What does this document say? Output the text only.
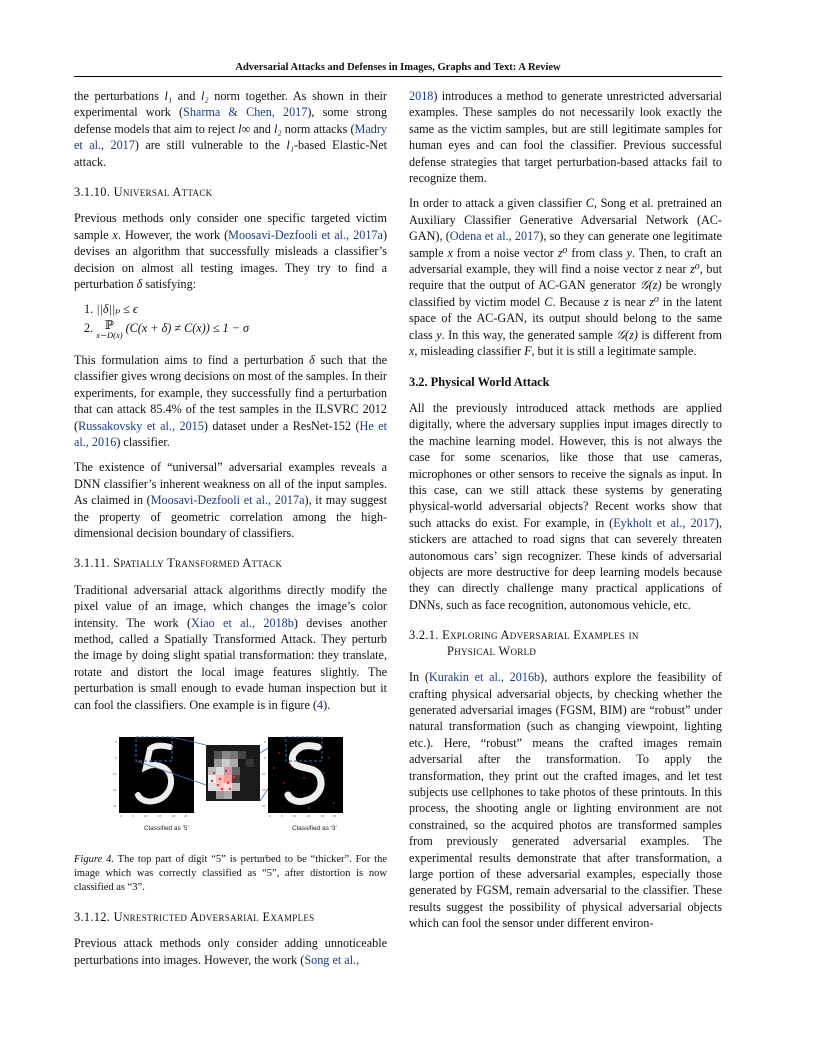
Adversarial Attacks and Defenses in Images, Graphs and Text: A Review

the perturbations l₁ and l₂ norm together. As shown in their experimental work (Sharma & Chen, 2017), some strong defense models that aim to reject l∞ and l₂ norm attacks (Madry et al., 2017) are still vulnerable to the l₁-based Elastic-Net attack.

3.1.10. Universal Attack

Previous methods only consider one specific targeted victim sample x. However, the work (Moosavi-Dezfooli et al., 2017a) devises an algorithm that successfully misleads a classifier’s decision on almost all testing images. They try to find a perturbation δ satisfying:

1. ||δ||ₚ ≤ ϵ
2. ℙ
x∼D(x) (C(x + δ) ≠ C(x)) ≤ 1 − σ

This formulation aims to find a perturbation δ such that the classifier gives wrong decisions on most of the samples. In their experiments, for example, they successfully find a perturbation that can attack 85.4% of the test samples in the ILSVRC 2012 (Russakovsky et al., 2015) dataset under a ResNet-152 (He et al., 2016) classifier.

The existence of “universal” adversarial examples reveals a DNN classifier’s inherent weakness on all of the input samples. As claimed in (Moosavi-Dezfooli et al., 2017a), it may suggest the property of geometric correlation among the high-dimensional decision boundary of classifiers.

3.1.11. Spatially Transformed Attack

Traditional adversarial attack algorithms directly modify the pixel value of an image, which changes the image’s color intensity. The work (Xiao et al., 2018b) devises another method, called a Spatially Transformed Attack. They perturb the image by doing slight spatial transformation: they translate, rotate and distort the local image features slightly. The perturbation is small enough to evade human inspection but it can fool the classifiers. One example is in figure (4).

0
5
10
15
20
0	5	10	15	20	25
0
5
10
15
20
0	5	10	15	20	25
Classified as '5'	Classified as '3'
Figure 4. The top part of digit “5” is perturbed to be “thicker”. For the image which was correctly classified as “5”, after distortion is now classified as “3”.
3.1.12. Unrestricted Adversarial Examples

Previous attack methods only consider adding unnoticeable perturbations into images. However, the work (Song et al.,

2018) introduces a method to generate unrestricted adversarial examples. These samples do not necessarily look exactly the same as the victim samples, but are still legitimate samples for human eyes and can fool the classifier. Previous successful defense strategies that target perturbation-based attacks fail to recognize them.

In order to attack a given classifier C, Song et al. pretrained an Auxiliary Classifier Generative Adversarial Network (AC-GAN), (Odena et al., 2017), so they can generate one legitimate sample x from a noise vector z⁰ from class y. Then, to craft an adversarial example, they will find a noise vector z near z⁰, but require that the output of AC-GAN generator 𝒢(z) be wrongly classified by victim model C. Because z is near z⁰ in the latent space of the AC-GAN, its output should belong to the same class y. In this way, the generated sample 𝒢(z) is different from x, misleading classifier F, but it is still a legitimate sample.

3.2. Physical World Attack

All the previously introduced attack methods are applied digitally, where the adversary supplies input images directly to the machine learning model. However, this is not always the case for some scenarios, like those that use cameras, microphones or other sensors to receive the signals as input. In this case, can we still attack these systems by generating physical-world adversarial objects? Recent works show that such attacks do exist. For example, in (Eykholt et al., 2017), stickers are attached to road signs that can severely threaten autonomous cars’ sign recognizer. These kinds of adversarial objects are more destructive for deep learning models because they can directly challenge many practical applications of DNNs, such as face recognition, autonomous vehicle, etc.

3.2.1. Exploring Adversarial Examples in
Physical World

In (Kurakin et al., 2016b), authors explore the feasibility of crafting physical adversarial objects, by checking whether the generated adversarial images (FGSM, BIM) are “robust” under natural transformation (such as changing viewpoint, lighting etc.). Here, “robust” means the crafted images remain adversarial after the transformation. To apply the transformation, they print out the crafted images, and let test subjects use cellphones to take photos of these printouts. In this process, the shooting angle or lighting environment are not constrained, so the acquired photos are transformed samples from previously generated adversarial examples. The experimental results demonstrate that after transformation, a large portion of these adversarial examples, especially those generated by FGSM, remain adversarial to the classifier. These results suggest the possibility of physical adversarial objects which can fool the sensor under different environ-
